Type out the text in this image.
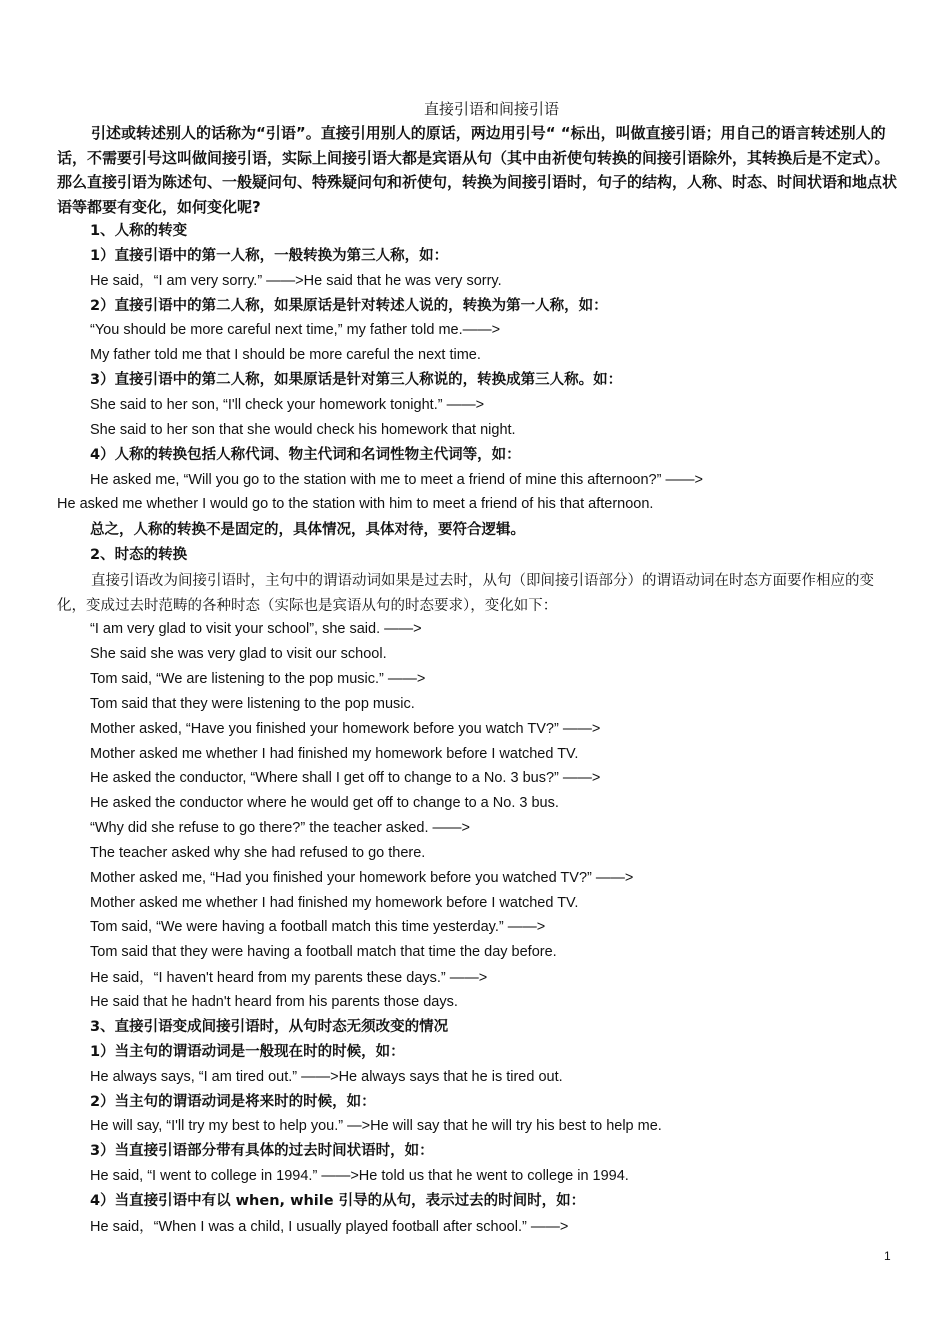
直接引语和间接引语
引述或转述别人的话称为“引语”。直接引用别人的原话，两边用引号“ “标出，叫做直接引语；用自己的语言转述别人的话，不需要引号这叫做间接引语，实际上间接引语大都是宾语从句（其中由祈使句转换的间接引语除外，其转换后是不定式）。那么直接引语为陈述句、一般疑问句、特殊疑问句和祈使句，转换为间接引语时，句子的结构，人称、时态、时间状语和地点状语等都要有变化，如何变化呢?
1、人称的转变
1）直接引语中的第一人称，一般转换为第三人称，如：
He said，“I am very sorry.” ——>He said that he was very sorry.
2）直接引语中的第二人称，如果原话是针对转述人说的，转换为第一人称，如：
“You should be more careful next time,” my father told me.——>
My father told me that I should be more careful the next time.
3）直接引语中的第二人称，如果原话是针对第三人称说的，转换成第三人称。如：
She said to her son, “I'll check your homework tonight.” ——>
She said to her son that she would check his homework that night.
4）人称的转换包括人称代词、物主代词和名词性物主代词等，如：
He asked me, “Will you go to the station with me to meet a friend of mine this afternoon?” ——>
He asked me whether I would go to the station with him to meet a friend of his that afternoon.
总之，人称的转换不是固定的，具体情况，具体对待，要符合逻辑。
2、时态的转换
直接引语改为间接引语时，主句中的谓语动词如果是过去时，从句（即间接引语部分）的谓语动词在时态方面要作相应的变化，变成过去时范畴的各种时态（实际也是宾语从句的时态要求），变化如下：
“I am very glad to visit your school”, she said. ——>
She said she was very glad to visit our school.
Tom said, “We are listening to the pop music.” ——>
Tom said that they were listening to the pop music.
Mother asked, “Have you finished your homework before you watch TV?” ——>
Mother asked me whether I had finished my homework before I watched TV.
He asked the conductor, “Where shall I get off to change to a No. 3 bus?” ——>
He asked the conductor where he would get off to change to a No. 3 bus.
“Why did she refuse to go there?” the teacher asked. ——>
The teacher asked why she had refused to go there.
Mother asked me, “Had you finished your homework before you watched TV?” ——>
Mother asked me whether I had finished my homework before I watched TV.
Tom said, “We were having a football match this time yesterday.” ——>
Tom said that they were having a football match that time the day before.
He said，“I haven't heard from my parents these days.” ——>
He said that he hadn't heard from his parents those days.
3、直接引语变成间接引语时，从句时态无须改变的情况
1）当主句的谓语动词是一般现在时的时候，如：
He always says, “I am tired out.” ——>He always says that he is tired out.
2）当主句的谓语动词是将来时的时候，如：
He will say, “I'll try my best to help you.” —>He will say that he will try his best to help me.
3）当直接引语部分带有具体的过去时间状语时，如：
He said, “I went to college in 1994.” ——>He told us that he went to college in 1994.
4）当直接引语中有以 when, while 引导的从句，表示过去的时间时，如：
He said，“When I was a child, I usually played football after school.” ——>
1
